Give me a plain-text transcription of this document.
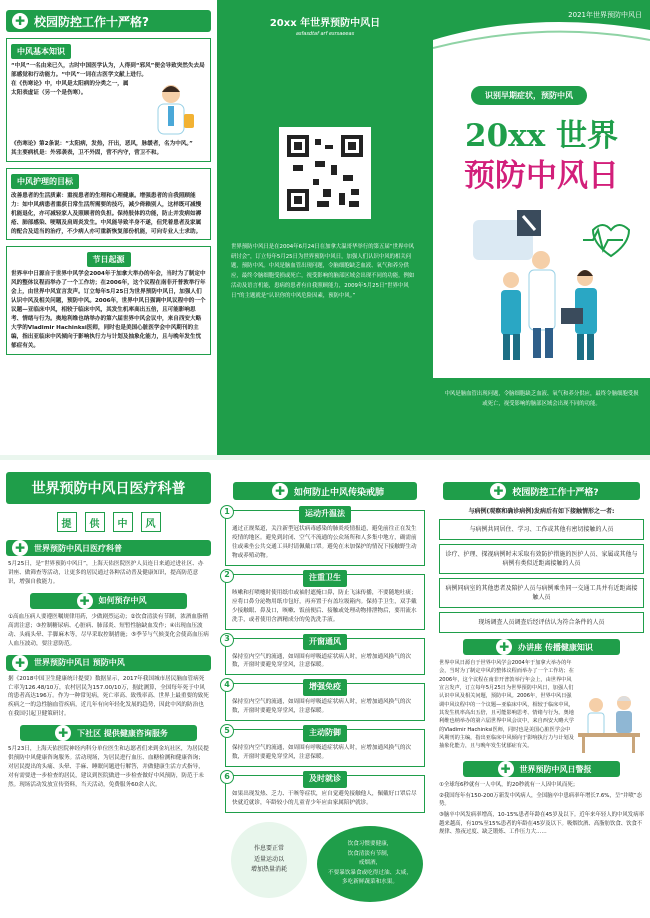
✚ 校园防控工作十严格?
中风基本知识

“中风”一名由来已久，古时中国医学认为，人得到“邪风”便会导致突然失去局部感觉和行动能力。“中风”一词在古医学文献上进行。

在《伤寒论》中，中风是太阳病的分类之一，属太阳表虚证（另一个是伤寒）。

《伤寒论》第2条说：“太阳病，发热，汗出，恶风，脉缓者，名为中风。”

其主要病机是：外邪袭表，卫不外固，营不内守，营卫不和。

中风护理的目标

改善患者的生活质素：重视患者的生理和心理健康。增强患者的自我照顾能力：如中风病患者重获日常生活所需要的技巧，减少倚赖别人，这样既可减慢机能退化，亦可减轻家人及照顾者的负担。保持肢体的功能，防止并发病如褥疮、肺部感染、哽咽及肩周炎发生。中风能导致半身不遂，但凭着患者及家属的配合及适当的治疗，不少病人亦可重新恢复部份机能，可向专业人士求助。

节日起源

世界卒中日源自于世界中风学会2004年于加拿大举办的年会，当时为了制定中风的整体议程而举办了一个工作坊；在2006年，这个议程在南非开普敦举行年会上，由世界中风宣言发声。订立每年5月25日为世界预防中风日，加强人们认识中风及相关问题，预防中风。2006年，世界中风日强调中风议程中的一个议题—亚临床中风，相较于临床中风，其发生机率高出五倍，且可能影响思考、情绪与行为。奥地利维也纳举办的第六届世界中风会议中，来自西安大略大学的Vladimir Hachinksi医师，同时也是美国心脏医学会中风期刊的主编，指出亚临床中风倾向于影响执行力与计划及抽象化能力，且与晚年发生忧郁症有关。

20xx 年世界预防中风日
asfasdtaf arf esrsaeeas

世界预防中风日是在2004年6月24日在加拿大温哥华举行的第五届“世界中风研讨会”，订立每年5月25日为世界预防中风日，加强人们认识中风的相关问题，预防中风。中风是脑血管出现问题，令脑细胞缺乏血液、氧气和养分供应，最终令脑细胞受损或死亡，视受影响的脑部区域会出现不同的功能，例如活动及语言机能，患病的患者有自我照顾能力，2009年5月25日“世界中风日”的主题就是“认识你的中风危险因素，预防中风。”

2021年世界预防中风日
识别早期症状，预防中风
20xx 世界
预防中风日

中风是脑血管出现问题，令脑细胞缺乏血液、氧气和养分供应，最终令脑细胞受损或死亡，视受影响的脑部区域会出现不同的功能。

世界预防中风日医疗科普
提	供	中	风
✚	世界预防中风日医疗科普

5月25日，是“世界预防中风日”，上海天佑医院医护人员连日来通过进社区、办讲座、做筛查等活动，让更多的居民通过各种活动普及健康知识，提高防范意识，增强自救能力。

✚	如何预存中风

①高血压病人要遵医嘱规律用药，少做剧烈运动；②饮食清淡有节制，浓酒血脂稍高需注意；③控制糖尿病、心脏病、肺部炎、短暂性脑缺血发作；④出现血压波动、头痛头晕、手脚麻木等，尽早采取控制措施；⑤季节与气候变化会使高血压病人血压波动，要注意防范。

✚	世界预防中风日 预防中风

据《2018中国卫生健康统计提要》数据显示，2017年我国城市居民脑血管病死亡率为126.48/10万，农村居民为157.00/10万，据此测算，全国每年死于中风的患者高达196万。作为一种常见病，死亡率高、致残率高、世界上最重要的致死疾病之一的急性脑血管疾病，近几年有向年轻化发展的趋势，因此中风的防治也在我国引起卫健策研讨。

✚	下社区 提供健康咨询服务

5月23日，上海天佑医院神经内科分单位医生和志愿者们来到金坑社区，为居民提供预防中风健康咨询服务。活动现场，为居民进行血压、血糖检测和健康咨询；对居民提出的头痛、头晕、手麻、睡眠问题进行解答，并做健康生活方式指导，对有需要进一步检查的居民，建议到医院做进一步检查做好中风预防，防范于未然。现场活动发放宣传资料，当天活动，免费服务60余人次。

✚ 如何防止中风传染戒肺
1	运动升温法

通过正规渠道，关注新型冠状病毒感染的肺炎疫情报道，避免前往正在发生疫情的地区。避免到封闭、空气不流通的公众场所和人多集中地方，确需前往或乘坐公共交通工具时请佩戴口罩。避免在未加保护的情况下接触野生动物或养殖动物。

2	注重卫生

咳嗽和打喷嚏时使用纸巾或袖肘遮掩口鼻，防止飞沫传播，不要随地吐痰；应将口鼻分泌物用纸巾包好，再弃置于有盖垃圾箱内。保持手卫生，双手戴少接触眼、鼻及口，咳嗽、饭前便后、接触或处理动物排泄物后，要用流水洗手，或者使用含酒精成分的免洗洗手液。

3	开窗通风

保持室内空气的流通，如周围有呼吸道症状病人时，应增加通风换气的次数，开窗时要避免穿堂风，注意保暖。

4	增强免疫

保持室内空气的流通，如周围有呼吸道症状病人时，应增加通风换气的次数，开窗时要避免穿堂风，注意保暖。

5	主动防御

保持室内空气的流通，如周围有呼吸道症状病人时，应增加通风换气的次数，开窗时要避免穿堂风，注意保暖。

6	及时就诊

如果出现发热、乏力、干咳等症状，应自觉避免接触他人，佩戴好口罩后尽快就近就诊，年龄较小的儿童青少年应由家属陪护就诊。

作息要正常
适量运动以
增加热量消耗
饮食习惯要健康，
饮食清淡有节制，
戒烟酒，
不要暴饮暴食或吃得过油、太咸，
多吃新鲜蔬菜和水果。
✚ 校园防控工作十严格?

与病例(观察和确诊病例)发病后有如下接触情形之一者:

与病例共同居住、学习、工作或其他有密切接触的人员
诊疗、护理、探视病例时未采取有效防护措施的医护人员、家属或其他与病例有类似近距离接触的人员
病例同病室的其他患者及陪护人员与病例乘坐同一交通工具并有近距离接触人员
现场调查人员调查后经评估认为符合条件的人员
✚	办讲座 传播健康知识

世界中风日源自于世界中风学会2004年于加拿大举办的年会，当时为了制定中风的整体议程而举办了一个工作坊；在2006年，这个议程在南非开普敦举行年会上，由世界中风宣言发声，订立每年5月25日为世界预防中风日，加强人们认识中风及相关问题，预防中风。2006年，世界中风日强调中风议程中的一个议题—亚临床中风，相较于临床中风，其发生机率高出五倍，且可能影响思考、情绪与行为。奥地利维也纳举办的第六届世界中风会议中，来自西安大略大学的Vladimir Hachinksi医师，同时也是美国心脏医学会中风期刊的主编，指出亚临床中风倾向于影响执行力与计划及抽象化能力，且与晚年发生忧郁症有关。

✚	世界预防中风日警报

①全球每6秒就有一人中风，的20秒就有一人因中风而死；

②我国每年有150-200万新发中风病人，全国脑卒中患病率年增长7.6%，呈“井喷”态势。

③脑卒中风发病率增高，10-15%患者年龄在45岁及以下。近年来年轻人的中风发病率越来越高，有10%至15%患者的年龄在45岁及以下。吸烟饮酒、高脂肪饮食、饮食不规律、熬夜过度、缺乏锻炼、工作压力大……
